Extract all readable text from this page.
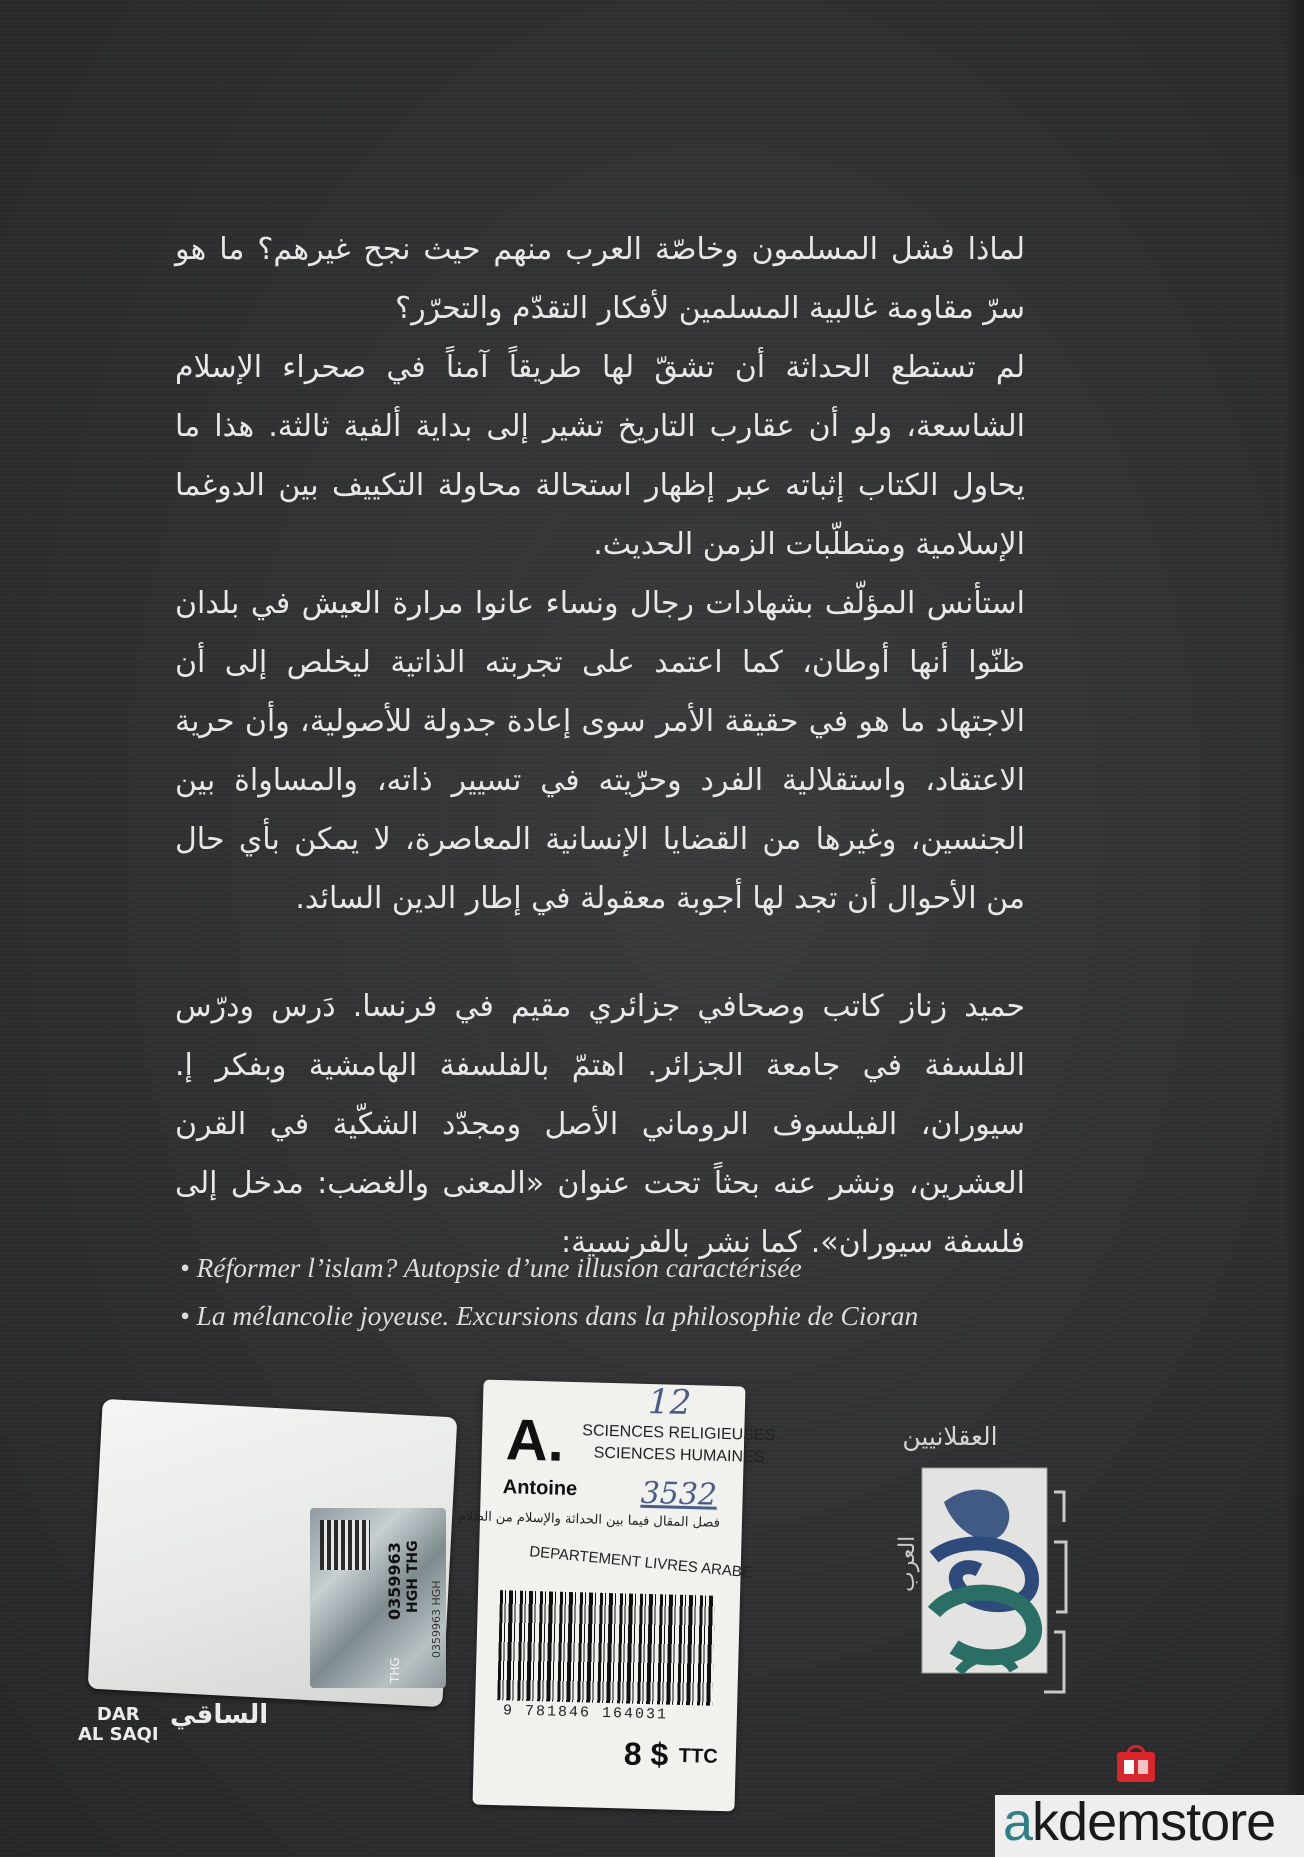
لماذا فشل المسلمون وخاصّة العرب منهم حيث نجح غيرهم؟ ما هو سرّ مقاومة غالبية المسلمين لأفكار التقدّم والتحرّر؟

لم تستطع الحداثة أن تشقّ لها طريقاً آمناً في صحراء الإسلام الشاسعة، ولو أن عقارب التاريخ تشير إلى بداية ألفية ثالثة. هذا ما يحاول الكتاب إثباته عبر إظهار استحالة محاولة التكييف بين الدوغما الإسلامية ومتطلّبات الزمن الحديث.

استأنس المؤلّف بشهادات رجال ونساء عانوا مرارة العيش في بلدان ظنّوا أنها أوطان، كما اعتمد على تجربته الذاتية ليخلص إلى أن الاجتهاد ما هو في حقيقة الأمر سوى إعادة جدولة للأصولية، وأن حرية الاعتقاد، واستقلالية الفرد وحرّيته في تسيير ذاته، والمساواة بين الجنسين، وغيرها من القضايا الإنسانية المعاصرة، لا يمكن بأي حال من الأحوال أن تجد لها أجوبة معقولة في إطار الدين السائد.

حميد زناز كاتب وصحافي جزائري مقيم في فرنسا. دَرس ودرّس الفلسفة في جامعة الجزائر. اهتمّ بالفلسفة الهامشية وبفكر إ. سيوران، الفيلسوف الروماني الأصل ومجدّد الشكّية في القرن العشرين، ونشر عنه بحثاً تحت عنوان «المعنى والغضب: مدخل إلى فلسفة سيوران». كما نشر بالفرنسية:

• Réformer l’islam? Autopsie d’une illusion caractérisée
• La mélancolie joyeuse. Excursions dans la philosophie de Cioran
0359963 HGH THG
0359963 HGH
THG
A.
Antoine
SCIENCES RELIGIEUSES
SCIENCES HUMAINES
12
3532
فصل المقال فيما بين الحداثة والإسلام من الظلام
DEPARTEMENT LIVRES ARABE
9 781846 164031
8 $ TTC
DAR
AL SAQI
الساقي
العقلانيين
العرب
akdemstore
